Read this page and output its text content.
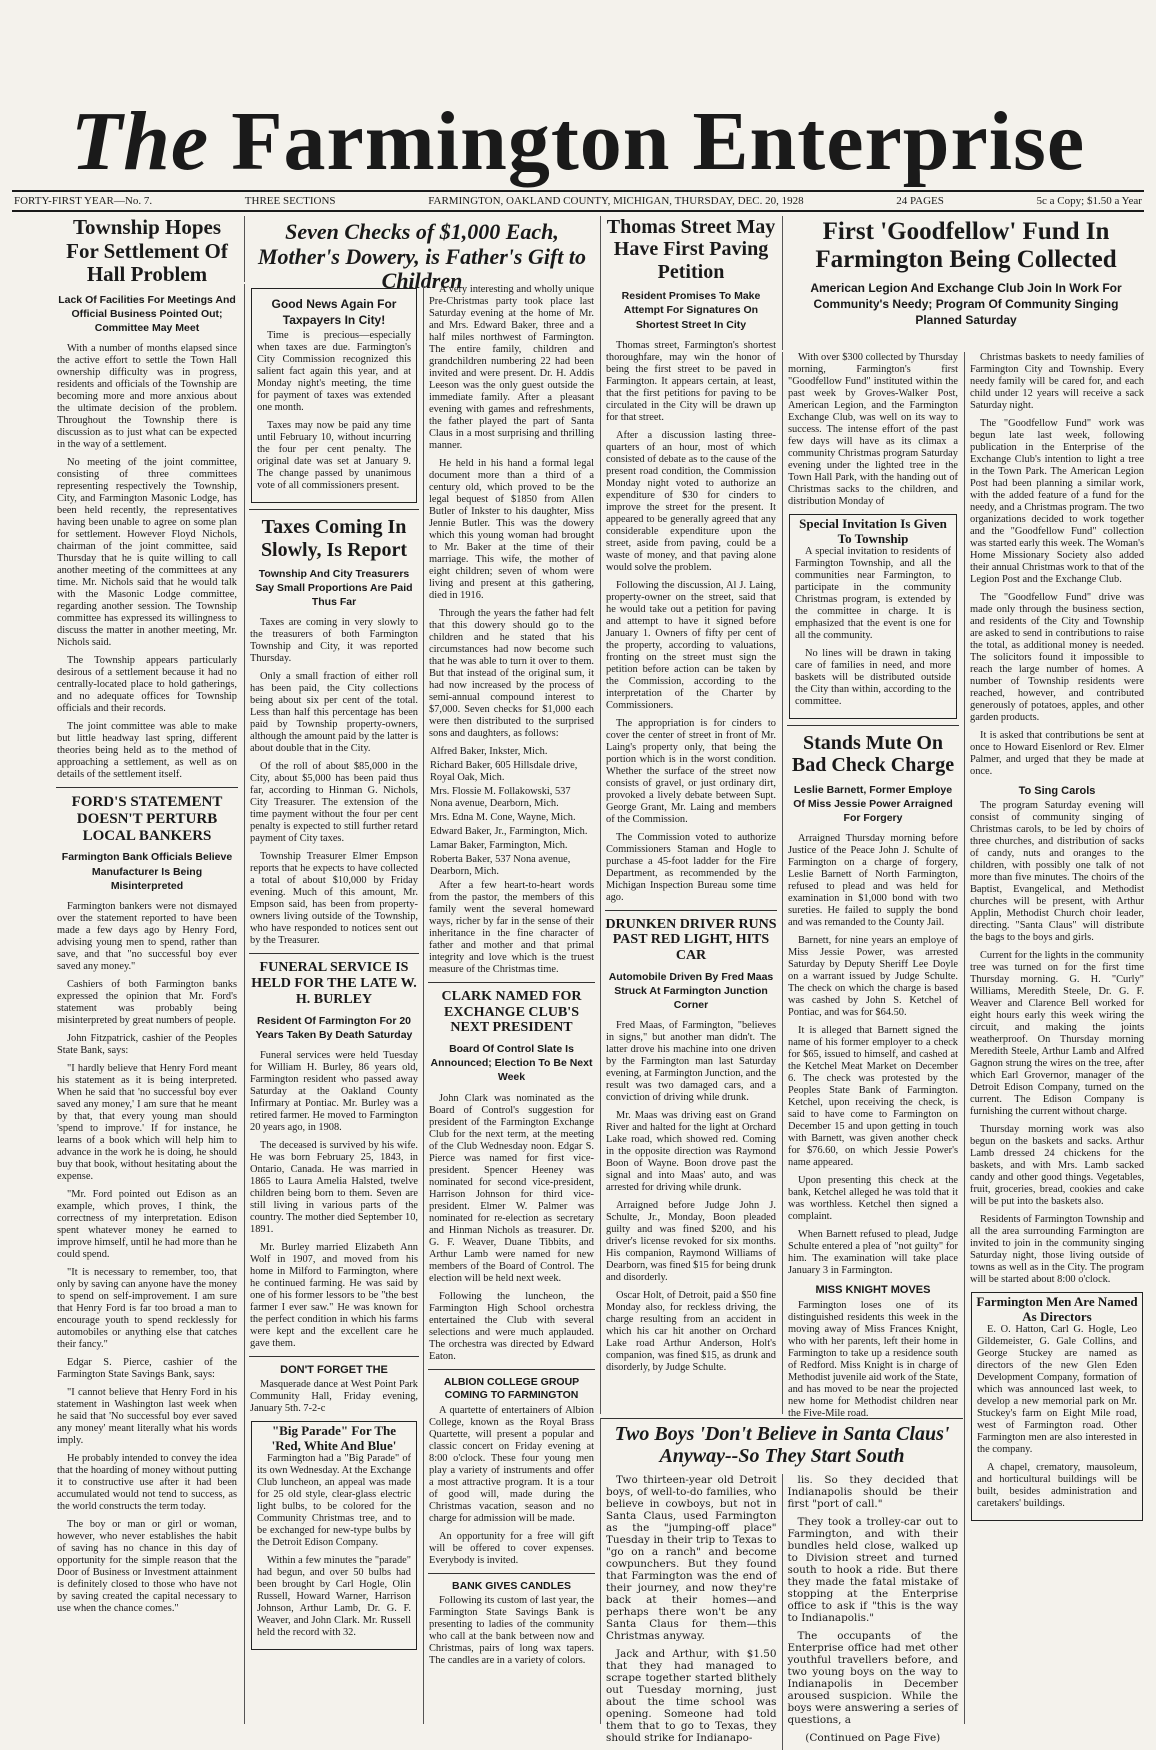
The Farmington Enterprise
FORTY-FIRST YEAR—No. 7.	THREE SECTIONS	FARMINGTON, OAKLAND COUNTY, MICHIGAN, THURSDAY, DEC. 20, 1928	24 PAGES	5c a Copy; $1.50 a Year
Township Hopes For Settlement Of Hall Problem
Lack Of Facilities For Meetings And Official Business Pointed Out; Committee May Meet

With a number of months elapsed since the active effort to settle the Town Hall ownership difficulty was in progress, residents and officials of the Township are becoming more and more anxious about the ultimate decision of the problem. Throughout the Township there is discussion as to just what can be expected in the way of a settlement.

No meeting of the joint committee, consisting of three committees representing respectively the Township, City, and Farmington Masonic Lodge, has been held recently, the representatives having been unable to agree on some plan for settlement. However Floyd Nichols, chairman of the joint committee, said Thursday that he is quite willing to call another meeting of the committees at any time. Mr. Nichols said that he would talk with the Masonic Lodge committee, regarding another session. The Township committee has expressed its willingness to discuss the matter in another meeting, Mr. Nichols said.

The Township appears particularly desirous of a settlement because it had no centrally-located place to hold gatherings, and no adequate offices for Township officials and their records.

The joint committee was able to make but little headway last spring, different theories being held as to the method of approaching a settlement, as well as on details of the settlement itself.

FORD'S STATEMENT DOESN'T PERTURB LOCAL BANKERS
Farmington Bank Officials Believe Manufacturer Is Being Misinterpreted

Farmington bankers were not dismayed over the statement reported to have been made a few days ago by Henry Ford, advising young men to spend, rather than save, and that "no successful boy ever saved any money."

Cashiers of both Farmington banks expressed the opinion that Mr. Ford's statement was probably being misinterpreted by great numbers of people.

John Fitzpatrick, cashier of the Peoples State Bank, says:

"I hardly believe that Henry Ford meant his statement as it is being interpreted. When he said that 'no successful boy ever saved any money,' I am sure that he meant by that, that every young man should 'spend to improve.' If for instance, he learns of a book which will help him to advance in the work he is doing, he should buy that book, without hesitating about the expense.

"Mr. Ford pointed out Edison as an example, which proves, I think, the correctness of my interpretation. Edison spent whatever money he earned to improve himself, until he had more than he could spend.

"It is necessary to remember, too, that only by saving can anyone have the money to spend on self-improvement. I am sure that Henry Ford is far too broad a man to encourage youth to spend recklessly for automobiles or anything else that catches their fancy."

Edgar S. Pierce, cashier of the Farmington State Savings Bank, says:

"I cannot believe that Henry Ford in his statement in Washington last week when he said that 'No successful boy ever saved any money' meant literally what his words imply.

He probably intended to convey the idea that the hoarding of money without putting it to constructive use after it had been accumulated would not tend to success, as the world constructs the term today.

The boy or man or girl or woman, however, who never establishes the habit of saving has no chance in this day of opportunity for the simple reason that the Door of Business or Investment attainment is definitely closed to those who have not by saving created the capital necessary to use when the chance comes."

Seven Checks of $1,000 Each, Mother's Dowery, is Father's Gift to Children
Good News Again For Taxpayers In City!

Time is precious—especially when taxes are due. Farmington's City Commission recognized this salient fact again this year, and at Monday night's meeting, the time for payment of taxes was extended one month.

Taxes may now be paid any time until February 10, without incurring the four per cent penalty. The original date was set at January 9. The change passed by unanimous vote of all commissioners present.

Taxes Coming In Slowly, Is Report
Township And City Treasurers Say Small Proportions Are Paid Thus Far

Taxes are coming in very slowly to the treasurers of both Farmington Township and City, it was reported Thursday.

Only a small fraction of either roll has been paid, the City collections being about six per cent of the total. Less than half this percentage has been paid by Township property-owners, although the amount paid by the latter is about double that in the City.

Of the roll of about $85,000 in the City, about $5,000 has been paid thus far, according to Hinman G. Nichols, City Treasurer. The extension of the time payment without the four per cent penalty is expected to still further retard payment of City taxes.

Township Treasurer Elmer Empson reports that he expects to have collected a total of about $10,000 by Friday evening. Much of this amount, Mr. Empson said, has been from property-owners living outside of the Township, who have responded to notices sent out by the Treasurer.

FUNERAL SERVICE IS HELD FOR THE LATE W. H. BURLEY
Resident Of Farmington For 20 Years Taken By Death Saturday

Funeral services were held Tuesday for William H. Burley, 86 years old, Farmington resident who passed away Saturday at the Oakland County Infirmary at Pontiac. Mr. Burley was a retired farmer. He moved to Farmington 20 years ago, in 1908.

The deceased is survived by his wife. He was born February 25, 1843, in Ontario, Canada. He was married in 1865 to Laura Amelia Halsted, twelve children being born to them. Seven are still living in various parts of the country. The mother died September 10, 1891.

Mr. Burley married Elizabeth Ann Wolf in 1907, and moved from his home in Milford to Farmington, where he continued farming. He was said by one of his former lessors to be "the best farmer I ever saw." He was known for the perfect condition in which his farms were kept and the excellent care he gave them.

DON'T FORGET THE

Masquerade dance at West Point Park Community Hall, Friday evening, January 5th. 7-2-c

"Big Parade" For The 'Red, White And Blue'

Farmington had a "Big Parade" of its own Wednesday. At the Exchange Club luncheon, an appeal was made for 25 old style, clear-glass electric light bulbs, to be colored for the Community Christmas tree, and to be exchanged for new-type bulbs by the Detroit Edison Company.

Within a few minutes the "parade" had begun, and over 50 bulbs had been brought by Carl Hogle, Olin Russell, Howard Warner, Harrison Johnson, Arthur Lamb, Dr. G. F. Weaver, and John Clark. Mr. Russell held the record with 32.

A very interesting and wholly unique Pre-Christmas party took place last Saturday evening at the home of Mr. and Mrs. Edward Baker, three and a half miles northwest of Farmington. The entire family, children and grandchildren numbering 22 had been invited and were present. Dr. H. Addis Leeson was the only guest outside the immediate family. After a pleasant evening with games and refreshments, the father played the part of Santa Claus in a most surprising and thrilling manner.

He held in his hand a formal legal document more than a third of a century old, which proved to be the legal bequest of $1850 from Allen Butler of Inkster to his daughter, Miss Jennie Butler. This was the dowery which this young woman had brought to Mr. Baker at the time of their marriage. This wife, the mother of eight children; seven of whom were living and present at this gathering, died in 1916.

Through the years the father had felt that this dowery should go to the children and he stated that his circumstances had now become such that he was able to turn it over to them. But that instead of the original sum, it had now increased by the process of semi-annual compound interest to $7,000. Seven checks for $1,000 each were then distributed to the surprised sons and daughters, as follows:

Alfred Baker, Inkster, Mich.
Richard Baker, 605 Hillsdale drive, Royal Oak, Mich.
Mrs. Flossie M. Follakowski, 537 Nona avenue, Dearborn, Mich.
Mrs. Edna M. Cone, Wayne, Mich.
Edward Baker, Jr., Farmington, Mich.
Lamar Baker, Farmington, Mich.
Roberta Baker, 537 Nona avenue, Dearborn, Mich.

After a few heart-to-heart words from the pastor, the members of this family went the several homeward ways, richer by far in the sense of their inheritance in the fine character of father and mother and that primal integrity and love which is the truest measure of the Christmas time.

CLARK NAMED FOR EXCHANGE CLUB'S NEXT PRESIDENT
Board Of Control Slate Is Announced; Election To Be Next Week

John Clark was nominated as the Board of Control's suggestion for president of the Farmington Exchange Club for the next term, at the meeting of the Club Wednesday noon. Edgar S. Pierce was named for first vice-president. Spencer Heeney was nominated for second vice-president, Harrison Johnson for third vice-president. Elmer W. Palmer was nominated for re-election as secretary and Hinman Nichols as treasurer. Dr. G. F. Weaver, Duane Tibbits, and Arthur Lamb were named for new members of the Board of Control. The election will be held next week.

Following the luncheon, the Farmington High School orchestra entertained the Club with several selections and were much applauded. The orchestra was directed by Edward Eaton.

ALBION COLLEGE GROUP COMING TO FARMINGTON

A quartette of entertainers of Albion College, known as the Royal Brass Quartette, will present a popular and classic concert on Friday evening at 8:00 o'clock. These four young men play a variety of instruments and offer a most attractive program. It is a tour of good will, made during the Christmas vacation, season and no charge for admission will be made.

An opportunity for a free will gift will be offered to cover expenses. Everybody is invited.

BANK GIVES CANDLES

Following its custom of last year, the Farmington State Savings Bank is presenting to ladies of the community who call at the bank between now and Christmas, pairs of long wax tapers. The candles are in a variety of colors.

Thomas Street May Have First Paving Petition
Resident Promises To Make Attempt For Signatures On Shortest Street In City

Thomas street, Farmington's shortest thoroughfare, may win the honor of being the first street to be paved in Farmington. It appears certain, at least, that the first petitions for paving to be circulated in the City will be drawn up for that street.

After a discussion lasting three-quarters of an hour, most of which consisted of debate as to the cause of the present road condition, the Commission Monday night voted to authorize an expenditure of $30 for cinders to improve the street for the present. It appeared to be generally agreed that any considerable expenditure upon the street, aside from paving, could be a waste of money, and that paving alone would solve the problem.

Following the discussion, Al J. Laing, property-owner on the street, said that he would take out a petition for paving and attempt to have it signed before January 1. Owners of fifty per cent of the property, according to valuations, fronting on the street must sign the petition before action can be taken by the Commission, according to the interpretation of the Charter by Commissioners.

The appropriation is for cinders to cover the center of street in front of Mr. Laing's property only, that being the portion which is in the worst condition. Whether the surface of the street now consists of gravel, or just ordinary dirt, provoked a lively debate between Supt. George Grant, Mr. Laing and members of the Commission.

The Commission voted to authorize Commissioners Staman and Hogle to purchase a 45-foot ladder for the Fire Department, as recommended by the Michigan Inspection Bureau some time ago.

DRUNKEN DRIVER RUNS PAST RED LIGHT, HITS CAR
Automobile Driven By Fred Maas Struck At Farmington Junction Corner

Fred Maas, of Farmington, "believes in signs," but another man didn't. The latter drove his machine into one driven by the Farmington man last Saturday evening, at Farmington Junction, and the result was two damaged cars, and a conviction of driving while drunk.

Mr. Maas was driving east on Grand River and halted for the light at Orchard Lake road, which showed red. Coming in the opposite direction was Raymond Boon of Wayne. Boon drove past the signal and into Maas' auto, and was arrested for driving while drunk.

Arraigned before Judge John J. Schulte, Jr., Monday, Boon pleaded guilty and was fined $200, and his driver's license revoked for six months. His companion, Raymond Williams of Dearborn, was fined $15 for being drunk and disorderly.

Oscar Holt, of Detroit, paid a $50 fine Monday also, for reckless driving, the charge resulting from an accident in which his car hit another on Orchard Lake road Arthur Anderson, Holt's companion, was fined $15, as drunk and disorderly, by Judge Schulte.

First 'Goodfellow' Fund In Farmington Being Collected
American Legion And Exchange Club Join In Work For Community's Needy; Program Of Community Singing Planned Saturday

With over $300 collected by Thursday morning, Farmington's first "Goodfellow Fund" instituted within the past week by Groves-Walker Post, American Legion, and the Farmington Exchange Club, was well on its way to success. The intense effort of the past few days will have as its climax a community Christmas program Saturday evening under the lighted tree in the Town Hall Park, with the handing out of Christmas sacks to the children, and distribution Monday of

Special Invitation Is Given To Township

A special invitation to residents of Farmington Township, and all the communities near Farmington, to participate in the community Christmas program, is extended by the committee in charge. It is emphasized that the event is one for all the community.

No lines will be drawn in taking care of families in need, and more baskets will be distributed outside the City than within, according to the committee.

Stands Mute On Bad Check Charge
Leslie Barnett, Former Employe Of Miss Jessie Power Arraigned For Forgery

Arraigned Thursday morning before Justice of the Peace John J. Schulte of Farmington on a charge of forgery, Leslie Barnett of North Farmington, refused to plead and was held for examination in $1,000 bond with two sureties. He failed to supply the bond and was remanded to the County Jail.

Barnett, for nine years an employe of Miss Jessie Power, was arrested Saturday by Deputy Sheriff Lee Doyle on a warrant issued by Judge Schulte. The check on which the charge is based was cashed by John S. Ketchel of Pontiac, and was for $64.50.

It is alleged that Barnett signed the name of his former employer to a check for $65, issued to himself, and cashed at the Ketchel Meat Market on December 6. The check was protested by the Peoples State Bank of Farmington. Ketchel, upon receiving the check, is said to have come to Farmington on December 15 and upon getting in touch with Barnett, was given another check for $76.60, on which Jessie Power's name appeared.

Upon presenting this check at the bank, Ketchel alleged he was told that it was worthless. Ketchel then signed a complaint.

When Barnett refused to plead, Judge Schulte entered a plea of "not guilty" for him. The examination will take place January 3 in Farmington.

MISS KNIGHT MOVES

Farmington loses one of its distinguished residents this week in the moving away of Miss Frances Knight, who with her parents, left their home in Farmington to take up a residence south of Redford. Miss Knight is in charge of Methodist juvenile aid work of the State, and has moved to be near the projected new home for Methodist children near the Five-Mile road.

Christmas baskets to needy families of Farmington City and Township. Every needy family will be cared for, and each child under 12 years will receive a sack Saturday night.

The "Goodfellow Fund" work was begun late last week, following publication in the Enterprise of the Exchange Club's intention to light a tree in the Town Park. The American Legion Post had been planning a similar work, with the added feature of a fund for the needy, and a Christmas program. The two organizations decided to work together and the "Goodfellow Fund" collection was started early this week. The Woman's Home Missionary Society also added their annual Christmas work to that of the Legion Post and the Exchange Club.

The "Goodfellow Fund" drive was made only through the business section, and residents of the City and Township are asked to send in contributions to raise the total, as additional money is needed. The solicitors found it impossible to reach the large number of homes. A number of Township residents were reached, however, and contributed generously of potatoes, apples, and other garden products.

It is asked that contributions be sent at once to Howard Eisenlord or Rev. Elmer Palmer, and urged that they be made at once.

To Sing Carols

The program Saturday evening will consist of community singing of Christmas carols, to be led by choirs of three churches, and distribution of sacks of candy, nuts and oranges to the children, with possibly one talk of not more than five minutes. The choirs of the Baptist, Evangelical, and Methodist churches will be present, with Arthur Applin, Methodist Church choir leader, directing. "Santa Claus" will distribute the bags to the boys and girls.

Current for the lights in the community tree was turned on for the first time Thursday morning. G. H. "Curly" Williams, Meredith Steele, Dr. G. F. Weaver and Clarence Bell worked for eight hours early this week wiring the circuit, and making the joints weatherproof. On Thursday morning Meredith Steele, Arthur Lamb and Alfred Gagnon strung the wires on the tree, after which Earl Grovernor, manager of the Detroit Edison Company, turned on the current. The Edison Company is furnishing the current without charge.

Thursday morning work was also begun on the baskets and sacks. Arthur Lamb dressed 24 chickens for the baskets, and with Mrs. Lamb sacked candy and other good things. Vegetables, fruit, groceries, bread, cookies and cake will be put into the baskets also.

Residents of Farmington Township and all the area surrounding Farmington are invited to join in the community singing Saturday night, those living outside of towns as well as in the City. The program will be started about 8:00 o'clock.

Farmington Men Are Named As Directors

E. O. Hatton, Carl G. Hogle, Leo Gildemeister, G. Gale Collins, and George Stuckey are named as directors of the new Glen Eden Development Company, formation of which was announced last week, to develop a new memorial park on Mr. Stuckey's farm on Eight Mile road, west of Farmington road. Other Farmington men are also interested in the company.

A chapel, crematory, mausoleum, and horticultural buildings will be built, besides administration and caretakers' buildings.

Two Boys 'Don't Believe in Santa Claus' Anyway--So They Start South

Two thirteen-year old Detroit boys, of well-to-do families, who believe in cowboys, but not in Santa Claus, used Farmington as the "jumping-off place" Tuesday in their trip to Texas to "go on a ranch" and become cowpunchers. But they found that Farmington was the end of their journey, and now they're back at their homes—and perhaps there won't be any Santa Claus for them—this Christmas anyway.

Jack and Arthur, with $1.50 that they had managed to scrape together started blithely out Tuesday morning, just about the time school was opening. Someone had told them that to go to Texas, they should strike for Indianapo-

lis. So they decided that Indianapolis should be their first "port of call."

They took a trolley-car out to Farmington, and with their bundles held close, walked up to Division street and turned south to hook a ride. But there they made the fatal mistake of stopping at the Enterprise office to ask if "this is the way to Indianapolis."

The occupants of the Enterprise office had met other youthful travellers before, and two young boys on the way to Indianapolis in December aroused suspicion. While the boys were answering a series of questions, a

(Continued on Page Five)
